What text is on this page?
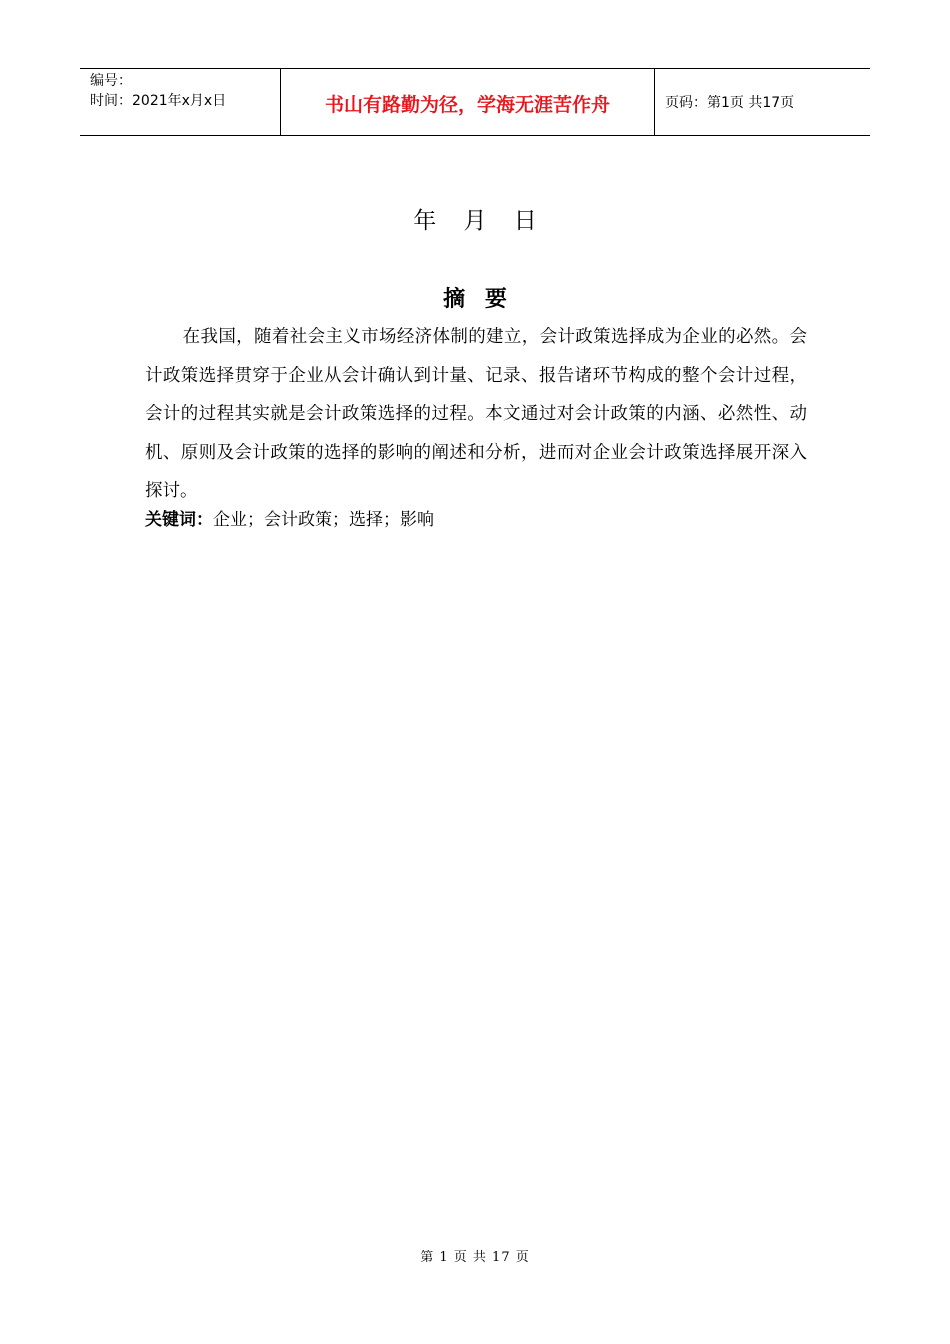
编号：
时间：2021年x月x日	书山有路勤为径，学海无涯苦作舟	页码：第1页 共17页
年 月 日
摘 要

在我国，随着社会主义市场经济体制的建立，会计政策选择成为企业的必然。会计政策选择贯穿于企业从会计确认到计量、记录、报告诸环节构成的整个会计过程，会计的过程其实就是会计政策选择的过程。本文通过对会计政策的内涵、必然性、动机、原则及会计政策的选择的影响的阐述和分析，进而对企业会计政策选择展开深入探讨。

关键词：企业；会计政策；选择；影响
第 1 页 共 17 页
